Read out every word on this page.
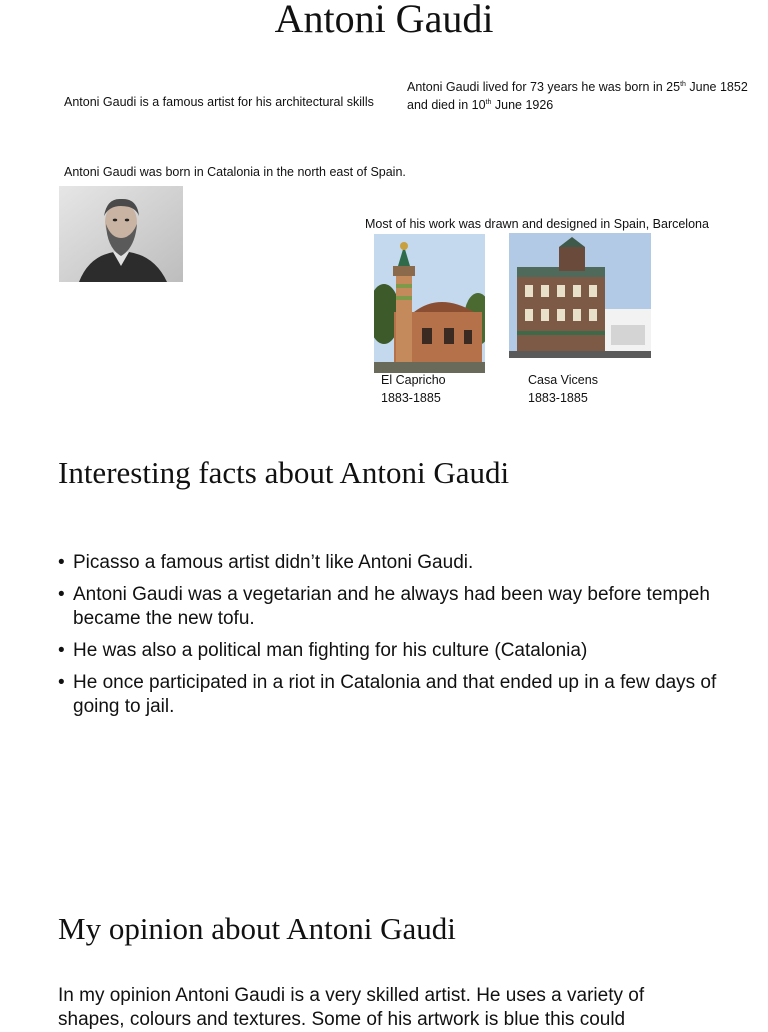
Antoni Gaudi
Antoni Gaudi is a famous artist for his architectural skills
Antoni Gaudi lived for 73 years he was born in 25th June 1852
and died in 10th June 1926
Antoni Gaudi was born in Catalonia in the north east of Spain.
Most of his work was drawn and designed in Spain, Barcelona
El Capricho
1883-1885
Casa Vicens
1883-1885
Interesting facts about Antoni Gaudi
• Picasso a famous artist didn’t like Antoni Gaudi.
• Antoni Gaudi was a vegetarian and he always had been way before tempeh became the new tofu.
• He was also a political man fighting for his culture (Catalonia)
• He once participated in a riot in Catalonia and that ended up in a few days of going to jail.
My opinion about Antoni Gaudi
In my opinion Antoni Gaudi is a very skilled artist. He uses a variety of shapes, colours and textures. Some of his artwork is blue this could
